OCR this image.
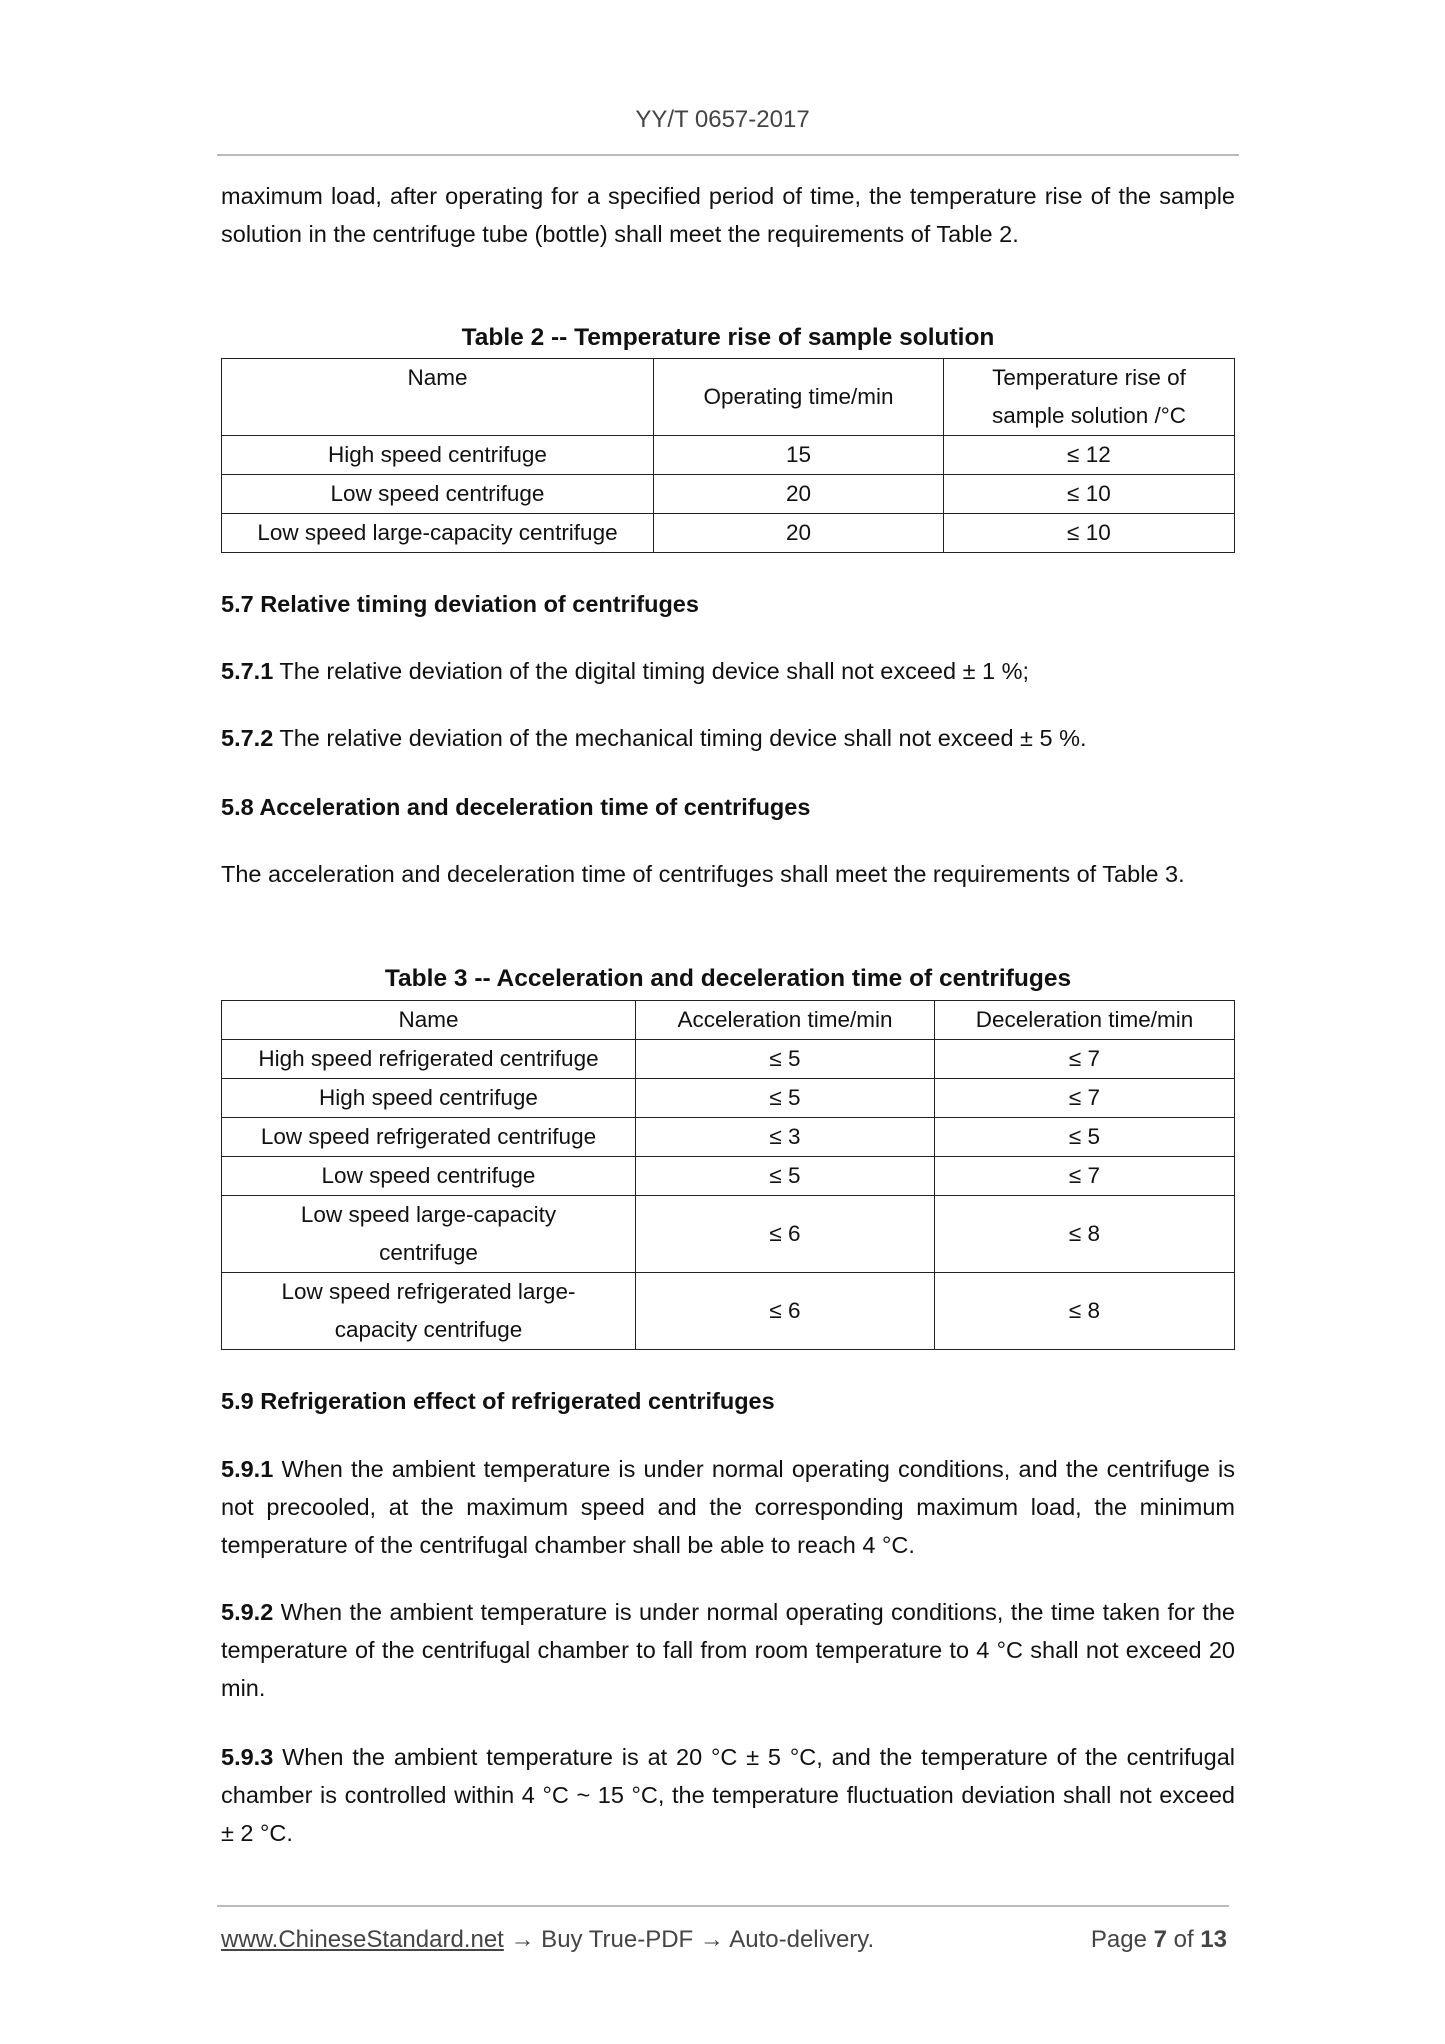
YY/T 0657-2017
maximum load, after operating for a specified period of time, the temperature rise of the sample solution in the centrifuge tube (bottle) shall meet the requirements of Table 2.
Table 2 -- Temperature rise of sample solution
Name	Operating time/min	Temperature rise of sample solution /°C
High speed centrifuge	15	≤ 12
Low speed centrifuge	20	≤ 10
Low speed large-capacity centrifuge	20	≤ 10
5.7 Relative timing deviation of centrifuges
5.7.1 The relative deviation of the digital timing device shall not exceed ± 1 %;
5.7.2 The relative deviation of the mechanical timing device shall not exceed ± 5 %.
5.8 Acceleration and deceleration time of centrifuges
The acceleration and deceleration time of centrifuges shall meet the requirements of Table 3.
Table 3 -- Acceleration and deceleration time of centrifuges
Name	Acceleration time/min	Deceleration time/min
High speed refrigerated centrifuge	≤ 5	≤ 7
High speed centrifuge	≤ 5	≤ 7
Low speed refrigerated centrifuge	≤ 3	≤ 5
Low speed centrifuge	≤ 5	≤ 7
Low speed large-capacity centrifuge	≤ 6	≤ 8
Low speed refrigerated large-capacity centrifuge	≤ 6	≤ 8
5.9 Refrigeration effect of refrigerated centrifuges
5.9.1 When the ambient temperature is under normal operating conditions, and the centrifuge is not precooled, at the maximum speed and the corresponding maximum load, the minimum temperature of the centrifugal chamber shall be able to reach 4 °C.
5.9.2 When the ambient temperature is under normal operating conditions, the time taken for the temperature of the centrifugal chamber to fall from room temperature to 4 °C shall not exceed 20 min.
5.9.3 When the ambient temperature is at 20 °C ± 5 °C, and the temperature of the centrifugal chamber is controlled within 4 °C ~ 15 °C, the temperature fluctuation deviation shall not exceed ± 2 °C.
www.ChineseStandard.net → Buy True-PDF → Auto-delivery.	Page 7 of 13
